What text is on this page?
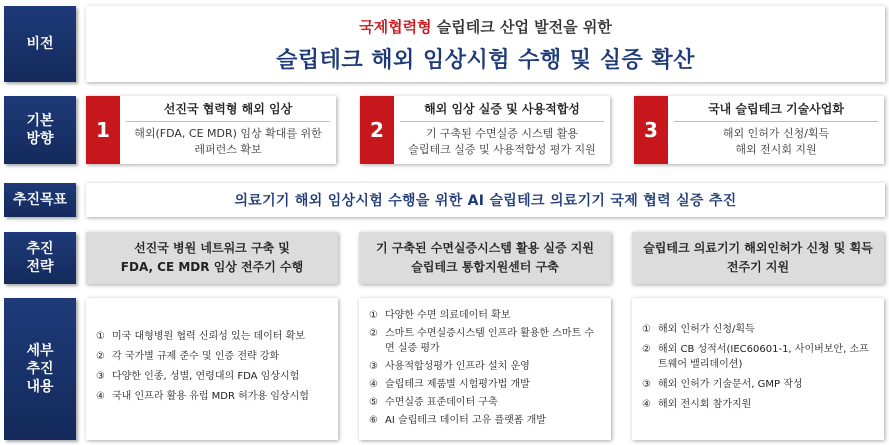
비전
기본
방향
추진목표
추진
전략
세부
추진
내용
국제협력형 슬립테크 산업 발전을 위한
슬립테크 해외 임상시험 수행 및 실증 확산
1
선진국 협력형 해외 임상
해외(FDA, CE MDR) 임상 확대를 위한
레퍼런스 확보
2
해외 임상 실증 및 사용적합성
기 구축된 수면실증 시스템 활용
슬립테크 실증 및 사용적합성 평가 지원
3
국내 슬립테크 기술사업화
해외 인허가 신청/획득
해외 전시회 지원
의료기기 해외 임상시험 수행을 위한 AI 슬립테크 의료기기 국제 협력 실증 추진
선진국 병원 네트워크 구축 및
FDA, CE MDR 임상 전주기 수행
기 구축된 수면실증시스템 활용 실증 지원
슬립테크 통합지원센터 구축
슬립테크 의료기기 해외인허가 신청 및 획득
전주기 지원
① 미국 대형병원 협력 신뢰성 있는 데이터 확보
② 각 국가별 규제 준수 및 인증 전략 강화
③ 다양한 인종, 성별, 연령대의 FDA 임상시험
④ 국내 인프라 활용 유럽 MDR 허가용 임상시험
① 다양한 수면 의료데이터 확보
② 스마트 수면실증시스템 인프라 활용한 스마트 수면 실증 평가
③ 사용적합성평가 인프라 설치 운영
④ 슬립테크 제품별 시험평가법 개발
⑤ 수면실증 표준데이터 구축
⑥ AI 슬립테크 데이터 고유 플랫폼 개발
① 해외 인허가 신청/획득
② 해외 CB 성적서(IEC60601-1, 사이버보안, 소프트웨어 밸리데이션)
③ 해외 인허가 기술문서, GMP 작성
④ 해외 전시회 참가지원
